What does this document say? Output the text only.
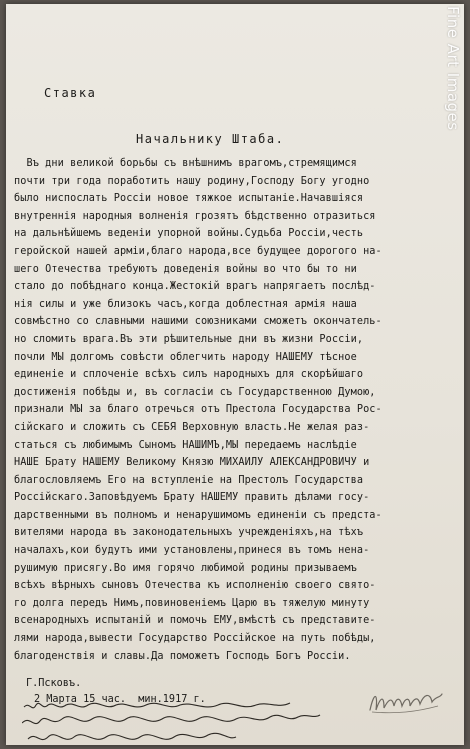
Fine Art Images
Ставка
Начальнику Штаба.
Въ дни великой борьбы съ внѣшнимъ врагомъ,стремящимся
почти три года поработить нашу родину,Господу Богу угодно
было ниспослать Россiи новое тяжкое испытанiе.Начавшiяся
внутреннiя народныя волненiя грозятъ бѣдственно отразиться
на дальнѣйшемъ веденiи упорной войны.Судьба Россiи,честь
геройской нашей армiи,благо народа,все будущее дорогого на-
шего Отечества требуютъ доведенiя войны во что бы то ни
стало до побѣднаго конца.Жестокiй врагъ напрягаетъ послѣд-
нiя силы и уже близокъ часъ,когда доблестная армiя наша
совмѣстно со славными нашими союзниками сможетъ окончатель-
но сломить врага.Въ эти рѣшительные дни въ жизни Россiи,
почли МЫ долгомъ совѣсти облегчить народу НАШЕМУ тѣсное
единенiе и сплоченiе всѣхъ силъ народныхъ для скорѣйшаго
достиженiя побѣды и, въ согласiи съ Государственною Думою,
признали МЫ за благо отречься отъ Престола Государства Рос-
сiйскаго и сложить съ СЕБЯ Верховную власть.Не желая раз-
статься съ любимымъ Сыномъ НАШИМЪ,МЫ передаемъ наслѣдiе
НАШЕ Брату НАШЕМУ Великому Князю МИХАИЛУ АЛЕКСАНДРОВИЧУ и
благословляемъ Его на вступленiе на Престолъ Государства
Россiйскаго.Заповѣдуемъ Брату НАШЕМУ править дѣлами госу-
дарственными въ полномъ и ненарушимомъ единенiи съ предста-
вителями народа въ законодательныхъ учрежденiяхъ,на тѣхъ
началахъ,кои будутъ ими установлены,принеся въ томъ нена-
рушимую присягу.Во имя горячо любимой родины призываемъ
всѣхъ вѣрныхъ сыновъ Отечества къ исполненiю своего свято-
го долга передъ Нимъ,повиновенiемъ Царю въ тяжелую минуту
всенародныхъ испытанiй и помочь ЕМУ,вмѣстѣ съ представите-
лями народа,вывести Государство Россiйское на путь побѣды,
благоденствiя и славы.Да поможетъ Господь Богъ Россiи.
Г.Псковъ.
2 Марта 15 час.  мин.1917 г.
